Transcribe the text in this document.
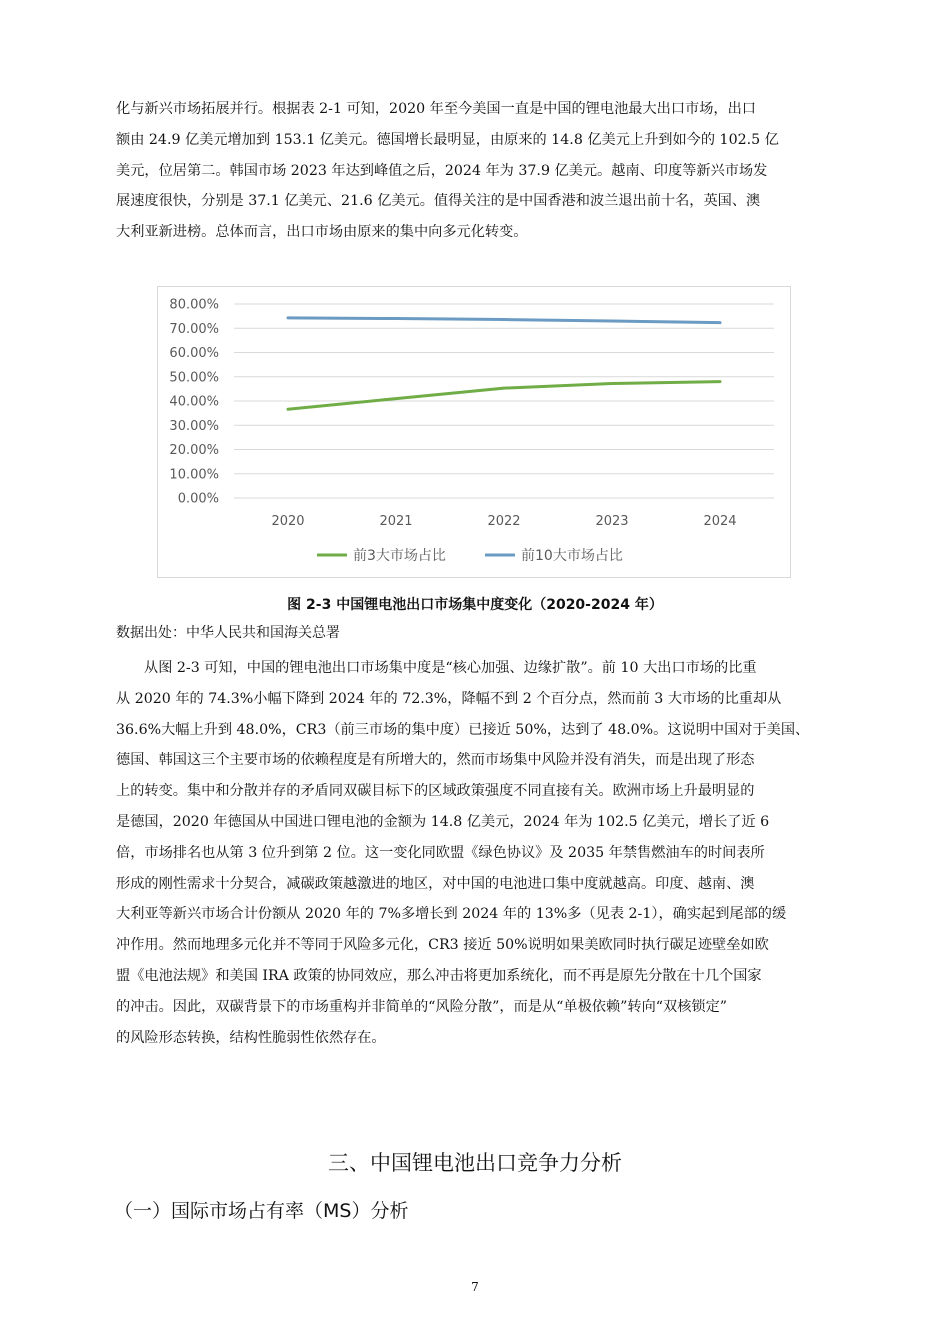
化与新兴市场拓展并行。根据表 2-1 可知，2020 年至今美国一直是中国的锂电池最大出口市场，出口
额由 24.9 亿美元增加到 153.1 亿美元。德国增长最明显，由原来的 14.8 亿美元上升到如今的 102.5 亿
美元，位居第二。韩国市场 2023 年达到峰值之后，2024 年为 37.9 亿美元。越南、印度等新兴市场发
展速度很快，分别是 37.1 亿美元、21.6 亿美元。值得关注的是中国香港和波兰退出前十名，英国、澳
大利亚新进榜。总体而言，出口市场由原来的集中向多元化转变。

80.00%
70.00%
60.00%
50.00%
40.00%
30.00%
20.00%
10.00%
0.00%
2020	2021	2022	2023	2024
前3大市场占比	前10大市场占比
图 2-3 中国锂电池出口市场集中度变化（2020-2024 年）
数据出处：中华人民共和国海关总署

从图 2-3 可知，中国的锂电池出口市场集中度是“核心加强、边缘扩散”。前 10 大出口市场的比重
从 2020 年的 74.3%小幅下降到 2024 年的 72.3%，降幅不到 2 个百分点，然而前 3 大市场的比重却从
36.6%大幅上升到 48.0%，CR3（前三市场的集中度）已接近 50%，达到了 48.0%。这说明中国对于美国、
德国、韩国这三个主要市场的依赖程度是有所增大的，然而市场集中风险并没有消失，而是出现了形态
上的转变。集中和分散并存的矛盾同双碳目标下的区域政策强度不同直接有关。欧洲市场上升最明显的
是德国，2020 年德国从中国进口锂电池的金额为 14.8 亿美元，2024 年为 102.5 亿美元，增长了近 6
倍，市场排名也从第 3 位升到第 2 位。这一变化同欧盟《绿色协议》及 2035 年禁售燃油车的时间表所
形成的刚性需求十分契合，减碳政策越激进的地区，对中国的电池进口集中度就越高。印度、越南、澳
大利亚等新兴市场合计份额从 2020 年的 7%多增长到 2024 年的 13%多（见表 2-1），确实起到尾部的缓
冲作用。然而地理多元化并不等同于风险多元化，CR3 接近 50%说明如果美欧同时执行碳足迹壁垒如欧
盟《电池法规》和美国 IRA 政策的协同效应，那么冲击将更加系统化，而不再是原先分散在十几个国家
的冲击。因此，双碳背景下的市场重构并非简单的“风险分散”，而是从“单极依赖”转向“双核锁定”
的风险形态转换，结构性脆弱性依然存在。

三、中国锂电池出口竞争力分析
（一）国际市场占有率（MS）分析
7
